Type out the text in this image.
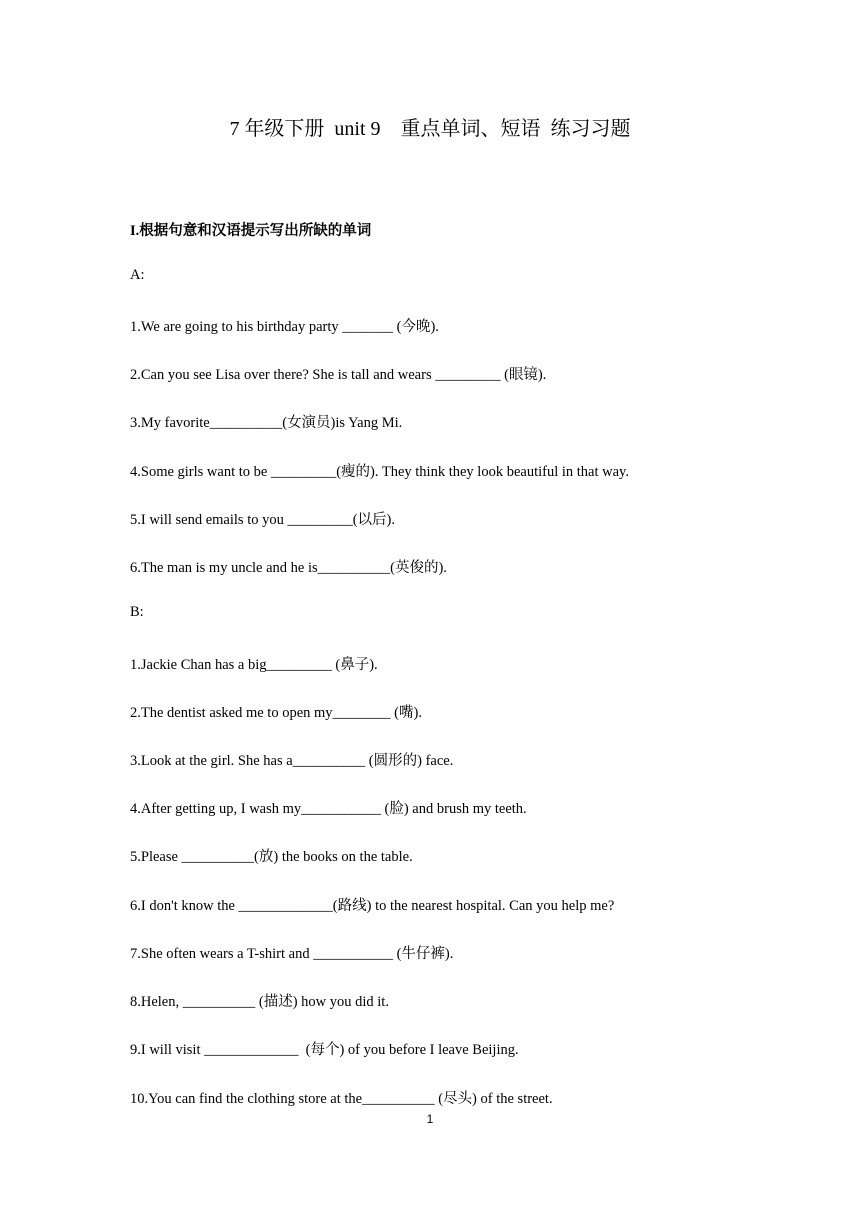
7 年级下册  unit 9    重点单词、短语  练习习题
I.根据句意和汉语提示写出所缺的单词
A:
1.We are going to his birthday party _______ (今晚).
2.Can you see Lisa over there? She is tall and wears _________ (眼镜).
3.My favorite__________(女演员)is Yang Mi.
4.Some girls want to be _________(瘦的). They think they look beautiful in that way.
5.I will send emails to you _________(以后).
6.The man is my uncle and he is__________(英俊的).
B:
1.Jackie Chan has a big_________ (鼻子).
2.The dentist asked me to open my________ (嘴).
3.Look at the girl. She has a__________ (圆形的) face.
4.After getting up, I wash my___________ (脸) and brush my teeth.
5.Please __________(放) the books on the table.
6.I don't know the _____________(路线) to the nearest hospital. Can you help me?
7.She often wears a T-shirt and ___________ (牛仔裤).
8.Helen, __________ (描述) how you did it.
9.I will visit _____________  (每个) of you before I leave Beijing.
10.You can find the clothing store at the__________ (尽头) of the street.
1
